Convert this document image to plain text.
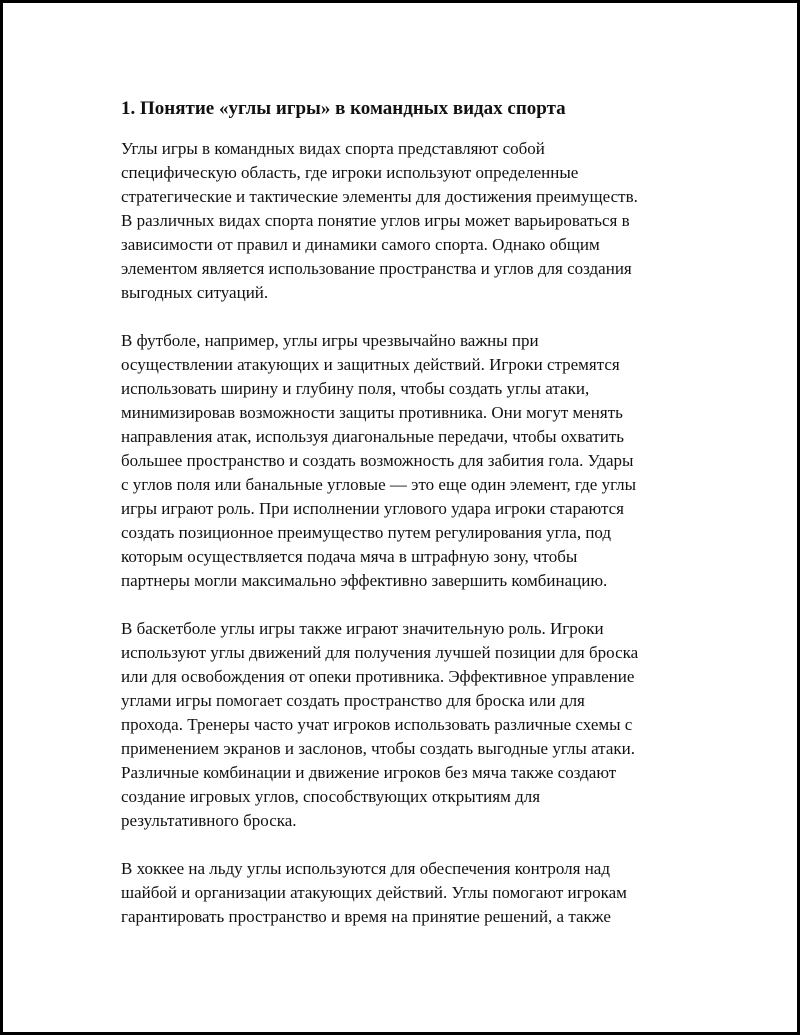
1. Понятие «углы игры» в командных видах спорта

Углы игры в командных видах спорта представляют собой
специфическую область, где игроки используют определенные
стратегические и тактические элементы для достижения преимуществ.
В различных видах спорта понятие углов игры может варьироваться в
зависимости от правил и динамики самого спорта. Однако общим
элементом является использование пространства и углов для создания
выгодных ситуаций.

В футболе, например, углы игры чрезвычайно важны при
осуществлении атакующих и защитных действий. Игроки стремятся
использовать ширину и глубину поля, чтобы создать углы атаки,
минимизировав возможности защиты противника. Они могут менять
направления атак, используя диагональные передачи, чтобы охватить
большее пространство и создать возможность для забития гола. Удары
с углов поля или банальные угловые — это еще один элемент, где углы
игры играют роль. При исполнении углового удара игроки стараются
создать позиционное преимущество путем регулирования угла, под
которым осуществляется подача мяча в штрафную зону, чтобы
партнеры могли максимально эффективно завершить комбинацию.

В баскетболе углы игры также играют значительную роль. Игроки
используют углы движений для получения лучшей позиции для броска
или для освобождения от опеки противника. Эффективное управление
углами игры помогает создать пространство для броска или для
прохода. Тренеры часто учат игроков использовать различные схемы с
применением экранов и заслонов, чтобы создать выгодные углы атаки.
Различные комбинации и движение игроков без мяча также создают
создание игровых углов, способствующих открытиям для
результативного броска.

В хоккее на льду углы используются для обеспечения контроля над
шайбой и организации атакующих действий. Углы помогают игрокам
гарантировать пространство и время на принятие решений, а также
